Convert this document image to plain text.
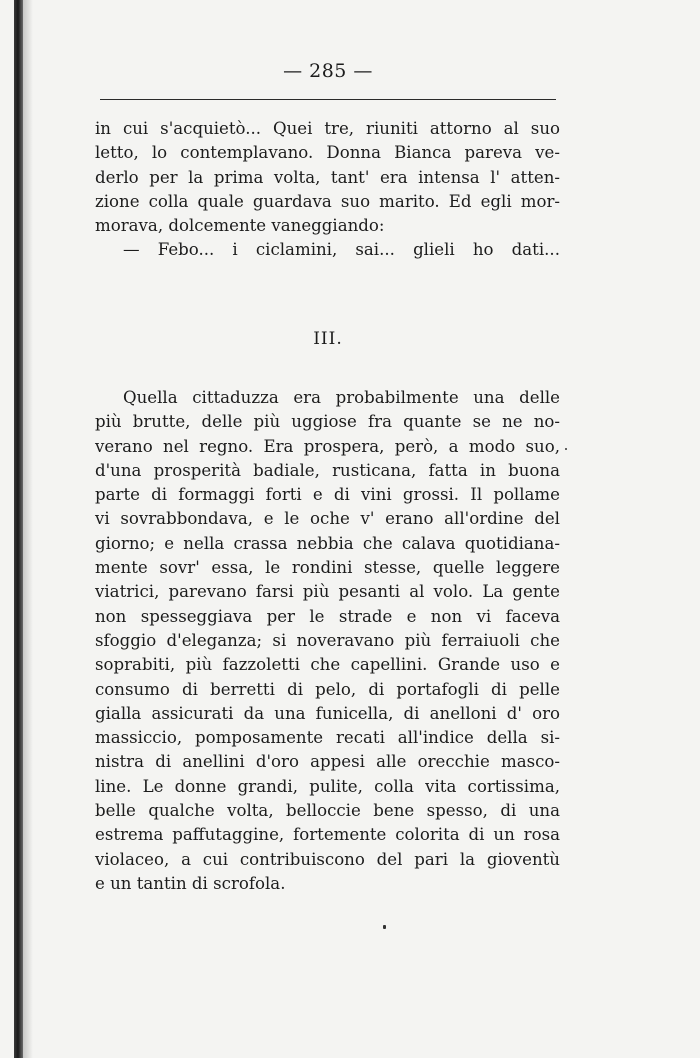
— 285 —
in cui s'acquietò... Quei tre, riuniti attorno al suo
letto, lo contemplavano. Donna Bianca pareva ve-
derlo per la prima volta, tant' era intensa l' atten-
zione colla quale guardava suo marito. Ed egli mor-
morava, dolcemente vaneggiando:
— Febo... i ciclamini, sai... glieli ho dati...
III.
Quella cittaduzza era probabilmente una delle
più brutte, delle più uggiose fra quante se ne no-
verano nel regno. Era prospera, però, a modo suo,
d'una prosperità badiale, rusticana, fatta in buona
parte di formaggi forti e di vini grossi. Il pollame
vi sovrabbondava, e le oche v' erano all'ordine del
giorno; e nella crassa nebbia che calava quotidiana-
mente sovr' essa, le rondini stesse, quelle leggere
viatrici, parevano farsi più pesanti al volo. La gente
non spesseggiava per le strade e non vi faceva
sfoggio d'eleganza; si noveravano più ferraiuoli che
soprabiti, più fazzoletti che capellini. Grande uso e
consumo di berretti di pelo, di portafogli di pelle
gialla assicurati da una funicella, di anelloni d' oro
massiccio, pomposamente recati all'indice della si-
nistra di anellini d'oro appesi alle orecchie masco-
line. Le donne grandi, pulite, colla vita cortissima,
belle qualche volta, belloccie bene spesso, di una
estrema paffutaggine, fortemente colorita di un rosa
violaceo, a cui contribuiscono del pari la gioventù
e un tantin di scrofola.
